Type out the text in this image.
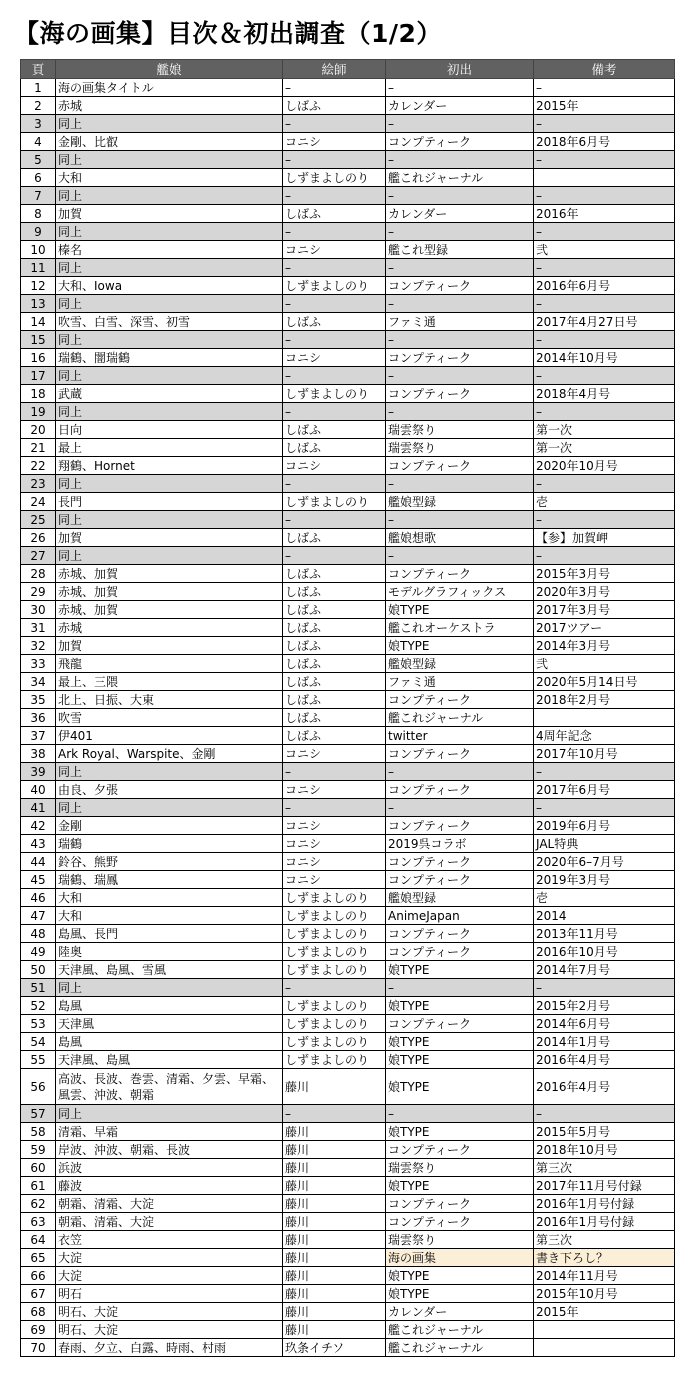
【海の画集】目次＆初出調査（1/2）
頁	艦娘	絵師	初出	備考
1	海の画集タイトル	–	–	–
2	赤城	しばふ	カレンダー	2015年
3	同上	–	–	–
4	金剛、比叡	コニシ	コンプティーク	2018年6月号
5	同上	–	–	–
6	大和	しずまよしのり	艦これジャーナル	
7	同上	–	–	–
8	加賀	しばふ	カレンダー	2016年
9	同上	–	–	–
10	榛名	コニシ	艦これ型録	弐
11	同上	–	–	–
12	大和、Iowa	しずまよしのり	コンプティーク	2016年6月号
13	同上	–	–	–
14	吹雪、白雪、深雪、初雪	しばふ	ファミ通	2017年4月27日号
15	同上	–	–	–
16	瑞鶴、闇瑞鶴	コニシ	コンプティーク	2014年10月号
17	同上	–	–	–
18	武蔵	しずまよしのり	コンプティーク	2018年4月号
19	同上	–	–	–
20	日向	しばふ	瑞雲祭り	第一次
21	最上	しばふ	瑞雲祭り	第一次
22	翔鶴、Hornet	コニシ	コンプティーク	2020年10月号
23	同上	–	–	–
24	長門	しずまよしのり	艦娘型録	壱
25	同上	–	–	–
26	加賀	しばふ	艦娘想歌	【参】加賀岬
27	同上	–	–	–
28	赤城、加賀	しばふ	コンプティーク	2015年3月号
29	赤城、加賀	しばふ	モデルグラフィックス	2020年3月号
30	赤城、加賀	しばふ	娘TYPE	2017年3月号
31	赤城	しばふ	艦これオーケストラ	2017ツアー
32	加賀	しばふ	娘TYPE	2014年3月号
33	飛龍	しばふ	艦娘型録	弐
34	最上、三隈	しばふ	ファミ通	2020年5月14日号
35	北上、日振、大東	しばふ	コンプティーク	2018年2月号
36	吹雪	しばふ	艦これジャーナル	
37	伊401	しばふ	twitter	4周年記念
38	Ark Royal、Warspite、金剛	コニシ	コンプティーク	2017年10月号
39	同上	–	–	–
40	由良、夕張	コニシ	コンプティーク	2017年6月号
41	同上	–	–	–
42	金剛	コニシ	コンプティーク	2019年6月号
43	瑞鶴	コニシ	2019呉コラボ	JAL特典
44	鈴谷、熊野	コニシ	コンプティーク	2020年6–7月号
45	瑞鶴、瑞鳳	コニシ	コンプティーク	2019年3月号
46	大和	しずまよしのり	艦娘型録	壱
47	大和	しずまよしのり	AnimeJapan	2014
48	島風、長門	しずまよしのり	コンプティーク	2013年11月号
49	陸奥	しずまよしのり	コンプティーク	2016年10月号
50	天津風、島風、雪風	しずまよしのり	娘TYPE	2014年7月号
51	同上	–	–	–
52	島風	しずまよしのり	娘TYPE	2015年2月号
53	天津風	しずまよしのり	コンプティーク	2014年6月号
54	島風	しずまよしのり	娘TYPE	2014年1月号
55	天津風、島風	しずまよしのり	娘TYPE	2016年4月号
56	高波、長波、巻雲、清霜、夕雲、早霜、風雲、沖波、朝霜	藤川	娘TYPE	2016年4月号
57	同上	–	–	–
58	清霜、早霜	藤川	娘TYPE	2015年5月号
59	岸波、沖波、朝霜、長波	藤川	コンプティーク	2018年10月号
60	浜波	藤川	瑞雲祭り	第三次
61	藤波	藤川	娘TYPE	2017年11月号付録
62	朝霜、清霜、大淀	藤川	コンプティーク	2016年1月号付録
63	朝霜、清霜、大淀	藤川	コンプティーク	2016年1月号付録
64	衣笠	藤川	瑞雲祭り	第三次
65	大淀	藤川	海の画集	書き下ろし？
66	大淀	藤川	娘TYPE	2014年11月号
67	明石	藤川	娘TYPE	2015年10月号
68	明石、大淀	藤川	カレンダー	2015年
69	明石、大淀	藤川	艦これジャーナル	
70	春雨、夕立、白露、時雨、村雨	玖条イチソ	艦これジャーナル	
